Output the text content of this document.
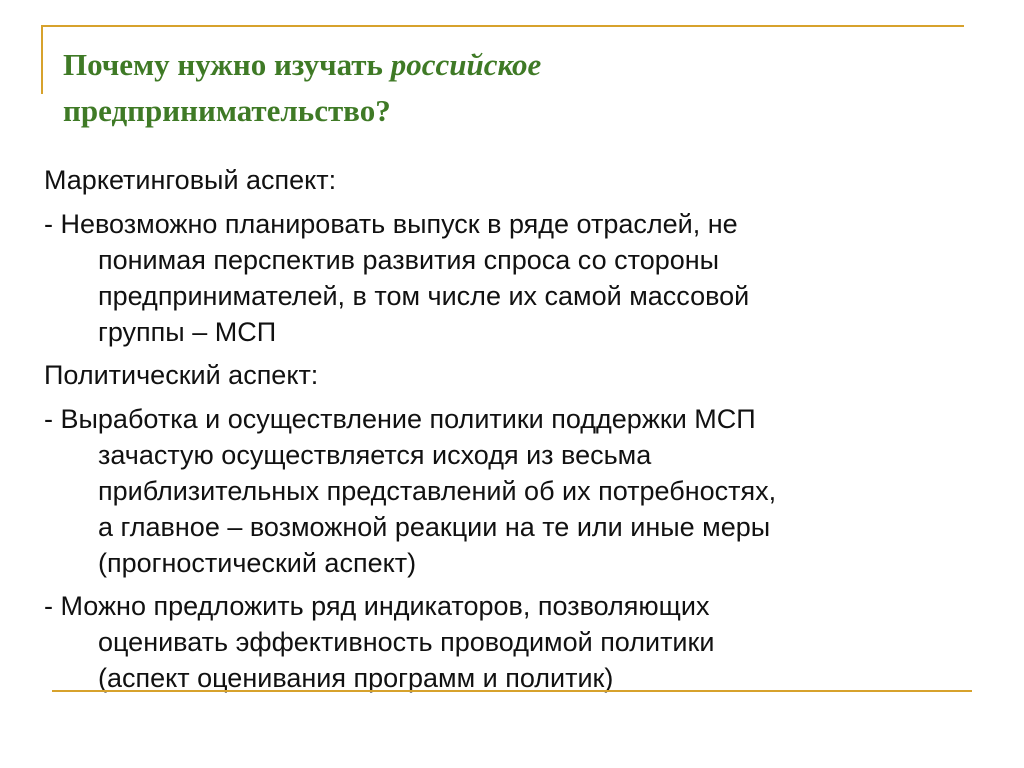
Почему нужно изучать российское
предпринимательство?
Маркетинговый аспект:
- Невозможно планировать выпуск в ряде отраслей, не
понимая перспектив развития спроса со стороны
предпринимателей, в том числе их самой массовой
группы – МСП
Политический аспект:
- Выработка и осуществление политики поддержки МСП
зачастую осуществляется исходя из весьма
приблизительных представлений об их потребностях,
а главное – возможной реакции на те или иные меры
(прогностический аспект)
- Можно предложить ряд индикаторов, позволяющих
оценивать эффективность проводимой политики
(аспект оценивания программ и политик)
